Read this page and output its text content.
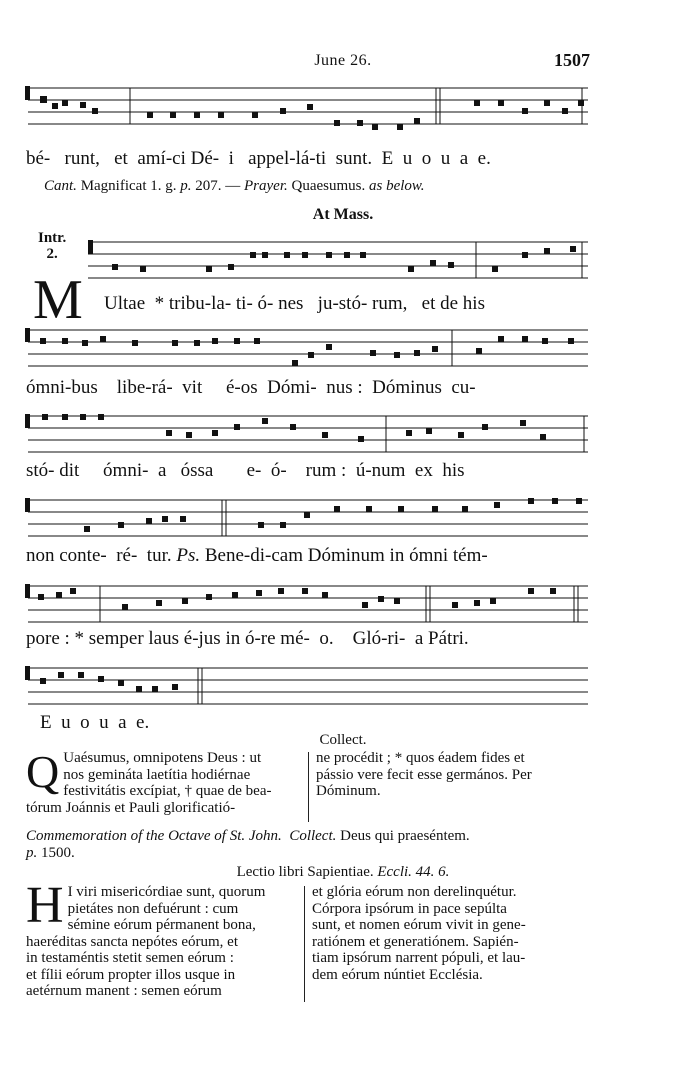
June 26.	1507
bé-   runt,   et  amí-ci Dé-  i   appel-lá-ti  sunt.  E  u  o  u  a  e.
Cant. Magnificat 1. g. p. 207. — Prayer. Quaesumus. as below.
At Mass.
Intr.
2.
M Ultae  * tribu-la- ti- ó- nes   ju-stó- rum,   et de his
ómni-bus    libe-rá-  vit     é-os  Dómi-  nus :  Dóminus  cu-
stó- dit     ómni-  a   óssa       e-  ó-    rum :  ú-num  ex  his
non conte-  ré-  tur. Ps. Bene-di-cam Dóminum in ómni tém-
pore : * semper laus é-jus in ó-re mé-  o.    Gló-ri-  a Pátri.
E  u  o  u  a  e.
Collect.
Q Uaésumus, omnipotens Deus : ut
nos gemináta laetítia hodiérnae
festivitátis excípiat, † quae de bea-
tórum Joánnis et Pauli glorificatió-
ne procédit ; * quos éadem fides et
pássio vere fecit esse germános. Per
Dóminum.
Commemoration of the Octave of St. John. Collect. Deus qui praeséntem.
p. 1500.
Lectio libri Sapientiae. Eccli. 44. 6.
H I viri misericórdiae sunt, quorum
pietátes non defuérunt : cum
sémine eórum pérmanent bona,
haeréditas sancta nepótes eórum, et
in testaméntis stetit semen eórum :
et fílii eórum propter illos usque in
aetérnum manent : semen eórum
et glória eórum non derelinquétur.
Córpora ipsórum in pace sepúlta
sunt, et nomen eórum vivit in gene-
ratiónem et generatiónem. Sapién-
tiam ipsórum narrent pópuli, et lau-
dem eórum núntiet Ecclésia.
